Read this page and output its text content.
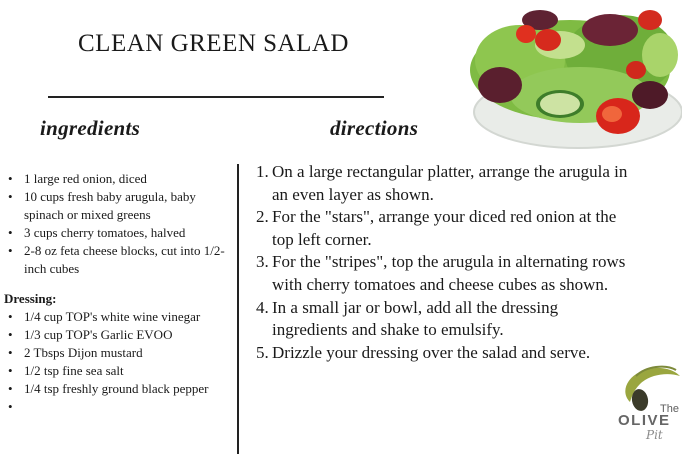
CLEAN GREEN SALAD
ingredients	directions
• 1 large red onion, diced
• 10 cups fresh baby arugula, baby spinach or mixed greens
• 3 cups cherry tomatoes, halved
• 2-8 oz feta cheese blocks, cut into 1/2-inch cubes
Dressing:
• 1/4 cup TOP's white wine vinegar
• 1/3 cup TOP's Garlic EVOO
• 2 Tbsps Dijon mustard
• 1/2 tsp fine sea salt
• 1/4 tsp freshly ground black pepper
•
1. On a large rectangular platter, arrange the arugula in an even layer as shown.
2. For the "stars", arrange your diced red onion at the top left corner.
3. For the "stripes", top the arugula in alternating rows with cherry tomatoes and cheese cubes as shown.
4. In a small jar or bowl, add all the dressing ingredients and shake to emulsify.
5. Drizzle your dressing over the salad and serve.
The
OLIVE
Pit
